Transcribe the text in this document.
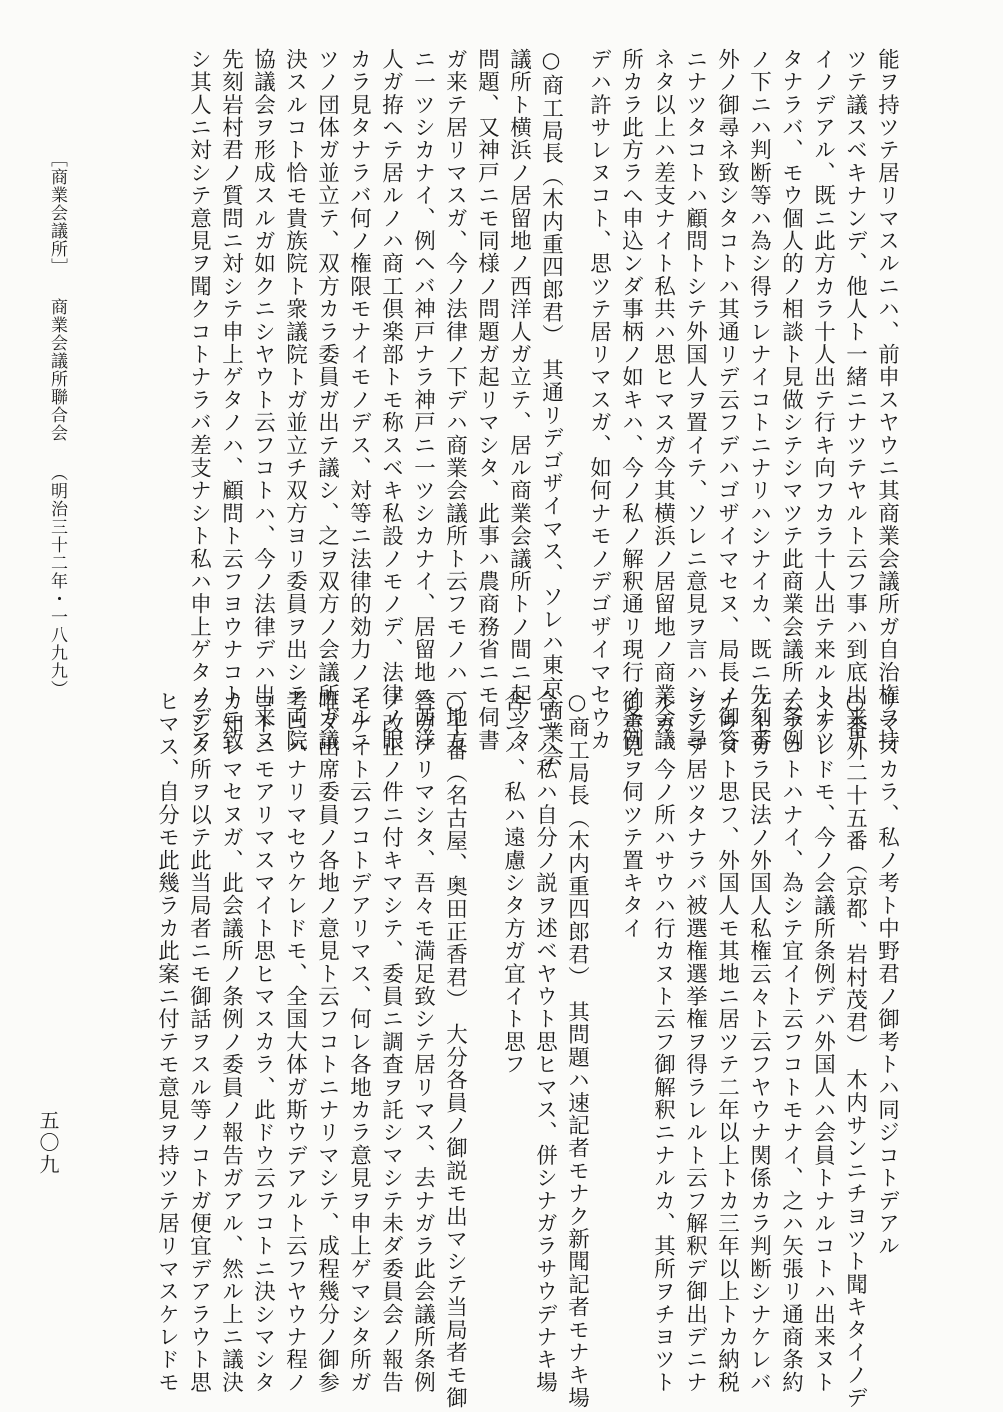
能ヲ持ツテ居リマスルニハ、前申スヤウニ其商業会議所ガ自治権ヲ持
ツテ議スベキナンデ、他人ト一緒ニナツテヤルト云フ事ハ到底出来ナ
イノデアル、既ニ此方カラ十人出テ行キ向フカラ十人出テ来ルトナツ
タナラバ、モウ個人的ノ相談ト見做シテシマツテ此商業会議所ノ条例
ノ下ニハ判断等ハ為シ得ラレナイコトニナリハシナイカ、既ニ先刻番
外ノ御尋ネ致シタコトハ其通リデ云フデハゴザイマセヌ、局長ノ御答
ニナツタコトハ顧問トシテ外国人ヲ置イテ、ソレニ意見ヲ言ハシテ尋
ネタ以上ハ差支ナイト私共ハ思ヒマスガ今其横浜ノ居留地ノ商業会議
所カラ此方ラヘ申込ンダ事柄ノ如キハ、今ノ私ノ解釈通リ現行ノ条例
デハ許サレヌコト、思ツテ居リマスガ、如何ナモノデゴザイマセウカ
○商工局長（木内重四郎君）　其通リデゴザイマス、ソレハ東京商業会
議所ト横浜ノ居留地ノ西洋人ガ立テ、居ル商業会議所トノ間ニ起ツタ
問題、又神戸ニモ同様ノ問題ガ起リマシタ、此事ハ農商務省ニモ伺書
ガ来テ居リマスガ、今ノ法律ノ下デハ商業会議所ト云フモノハ一地方
ニ一ツシカナイ、例ヘバ神戸ナラ神戸ニ一ツシカナイ、居留地ニ西洋
人ガ拵ヘテ居ルノハ商工倶楽部トモ称スベキ私設ノモノデ、法律ノ眼
カラ見タナラバ何ノ権限モナイモノデス、対等ニ法律的効力ノアルニ
ツノ団体ガ並立テ、双方カラ委員ガ出テ議シ、之ヲ双方ノ会議所ガ議
決スルコト恰モ貴族院ト衆議院トガ並立チ双方ヨリ委員ヲ出シテ両院
協議会ヲ形成スルガ如クニシヤウト云フコトハ、今ノ法律デハ出来ヌ
先刻岩村君ノ質問ニ対シテ申上ゲタノハ、顧問ト云フヨウナコトニ致
シ其人ニ対シテ意見ヲ聞クコトナラバ差支ナシト私ハ申上ゲタノデア
リマスカラ、私ノ考ト中野君ノ御考トハ同ジコトデアル
○番外二十五番（京都、岩村茂君）　木内サンニチヨツト聞キタイノデ
スケレドモ、今ノ会議所条例デハ外国人ハ会員トナルコトハ出来ヌト
云フコトハナイ、為シテ宜イト云フコトモナイ、之ハ矢張リ通商条約
ノ上カラ民法ノ外国人私権云々ト云フヤウナ関係カラ判断シナケレバ
ナラヌト思フ、外国人モ其地ニ居ツテ二年以上トカ三年以上トカ納税
ヲシテ居ツタナラバ被選権選挙権ヲ得ラレルト云フ解釈デ御出デニナ
ルカ、今ノ所ハサウハ行カヌト云フ御解釈ニナルカ、其所ヲチヨツト
御意見ヲ伺ツテ置キタイ
○商工局長（木内重四郎君）　其問題ハ速記者モナク新聞記者モナキ場
合ニハ私ハ自分ノ説ヲ述ベヤウト思ヒマス、併シナガラサウデナキ場
合ニハ、私ハ遠慮シタ方ガ宜イト思フ
○十番（名古屋、奥田正香君）　大分各員ノ御説モ出マシテ当局者モ御
答ガアリマシタ、吾々モ満足致シテ居リマス、去ナガラ此会議所条例
ノ改正ノ件ニ付キマシテ、委員ニ調査ヲ託シマシテ未ダ委員会ノ報告
モナイト云フコトデアリマス、何レ各地カラ意見ヲ申上ゲマシタ所ガ
唯ダ出席委員ノ各地ノ意見ト云フコトニナリマシテ、成程幾分ノ御参
考ニハナリマセウケレドモ、全国大体ガ斯ウデアルト云フヤウナ程ノ
コトニモアリマスマイト思ヒマスカラ、此ドウ云フコトニ決シマシタ
カ知レマセヌガ、此会議所ノ条例ノ委員ノ報告ガアル、然ル上ニ議決
ヲシタ所ヲ以テ此当局者ニモ御話ヲスル等ノコトガ便宜デアラウト思
ヒマス、自分モ此幾ラカ此案ニ付テモ意見ヲ持ツテ居リマスケレドモ
［商業会議所］商業会議所聯合会（明治三十二年・一八九九）
五〇九
